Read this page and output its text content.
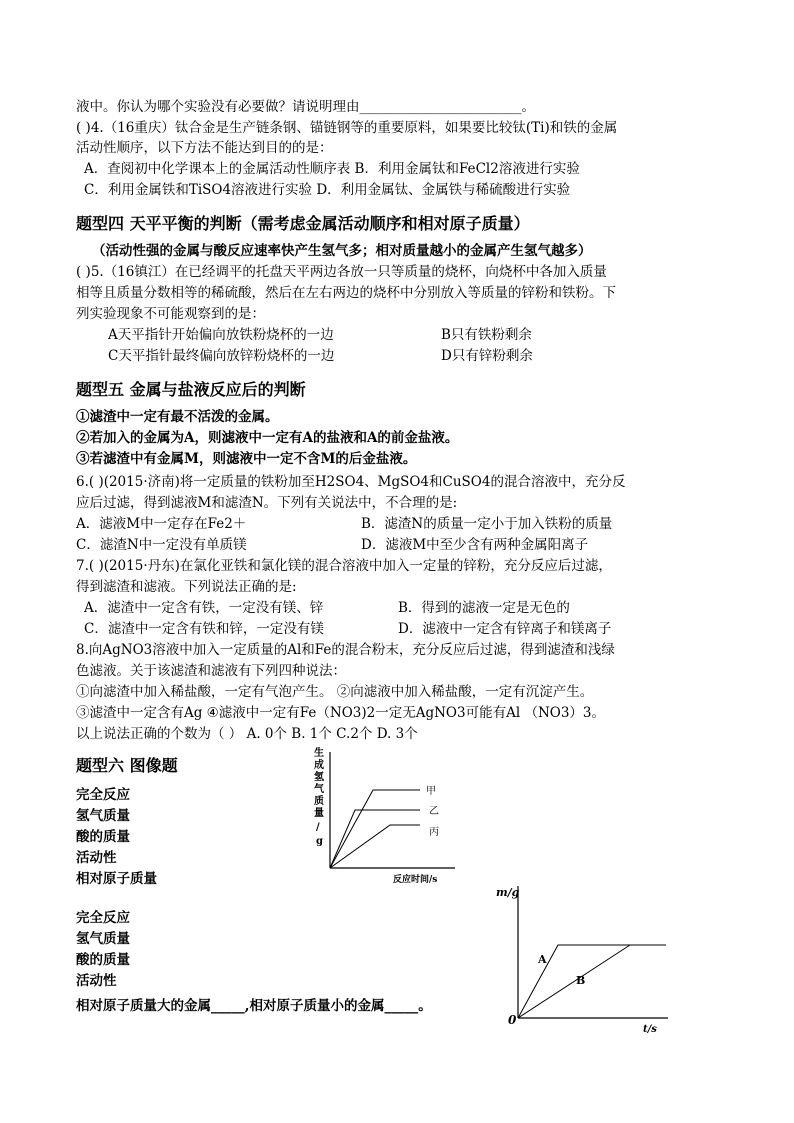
液中。你认为哪个实验没有必要做？请说明理由________________________。
( )4.（16重庆）钛合金是生产链条钢、锚链钢等的重要原料，如果要比较钛(Ti)和铁的金属
活动性顺序，以下方法不能达到目的的是：
A．查阅初中化学课本上的金属活动性顺序表 B．利用金属钛和FeCl2溶液进行实验
C．利用金属铁和TiSO4溶液进行实验 D．利用金属钛、金属铁与稀硫酸进行实验
题型四 天平平衡的判断（需考虑金属活动顺序和相对原子质量）
（活动性强的金属与酸反应速率快产生氢气多；相对质量越小的金属产生氢气越多）
( )5.（16镇江）在已经调平的托盘天平两边各放一只等质量的烧杯，向烧杯中各加入质量
相等且质量分数相等的稀硫酸，然后在左右两边的烧杯中分别放入等质量的锌粉和铁粉。下
列实验现象不可能观察到的是：
A天平指针开始偏向放铁粉烧杯的一边	B只有铁粉剩余
C天平指针最终偏向放锌粉烧杯的一边	D只有锌粉剩余
题型五 金属与盐液反应后的判断
①滤渣中一定有最不活泼的金属。
②若加入的金属为A，则滤液中一定有A的盐液和A的前金盐液。
③若滤渣中有金属M，则滤液中一定不含M的后金盐液。
6.( )(2015·济南)将一定质量的铁粉加至H2SO4、MgSO4和CuSO4的混合溶液中，充分反
应后过滤，得到滤液M和滤渣N。下列有关说法中，不合理的是:
A．滤液M中一定存在Fe2＋	B．滤渣N的质量一定小于加入铁粉的质量
C．滤渣N中一定没有单质镁	D．滤液M中至少含有两种金属阳离子
7.( )(2015·丹东)在氯化亚铁和氯化镁的混合溶液中加入一定量的锌粉，充分反应后过滤，
得到滤渣和滤液。下列说法正确的是:
A．滤渣中一定含有铁，一定没有镁、锌	B．得到的滤液一定是无色的
C．滤渣中一定含有铁和锌，一定没有镁	D．滤液中一定含有锌离子和镁离子
8.向AgNO3溶液中加入一定质量的Al和Fe的混合粉末，充分反应后过滤，得到滤渣和浅绿
色滤液。关于该滤渣和滤液有下列四种说法：
①向滤渣中加入稀盐酸，一定有气泡产生。 ②向滤液中加入稀盐酸，一定有沉淀产生。
③滤渣中一定含有Ag ④滤液中一定有Fe（NO3)2一定无AgNO3可能有Al （NO3）3。
以上说法正确的个数为（ ） A. 0个 B. 1个 C.2个 D. 3个
题型六 图像题
完全反应
氢气质量
酸的质量
活动性
相对原子质量
完全反应
氢气质量
酸的质量
活动性
相对原子质量大的金属_____,相对原子质量小的金属_____。
生
成
氢
气
质
量
/
g
甲
乙
丙
反应时间/s
m/g
A
B
0
t/s
